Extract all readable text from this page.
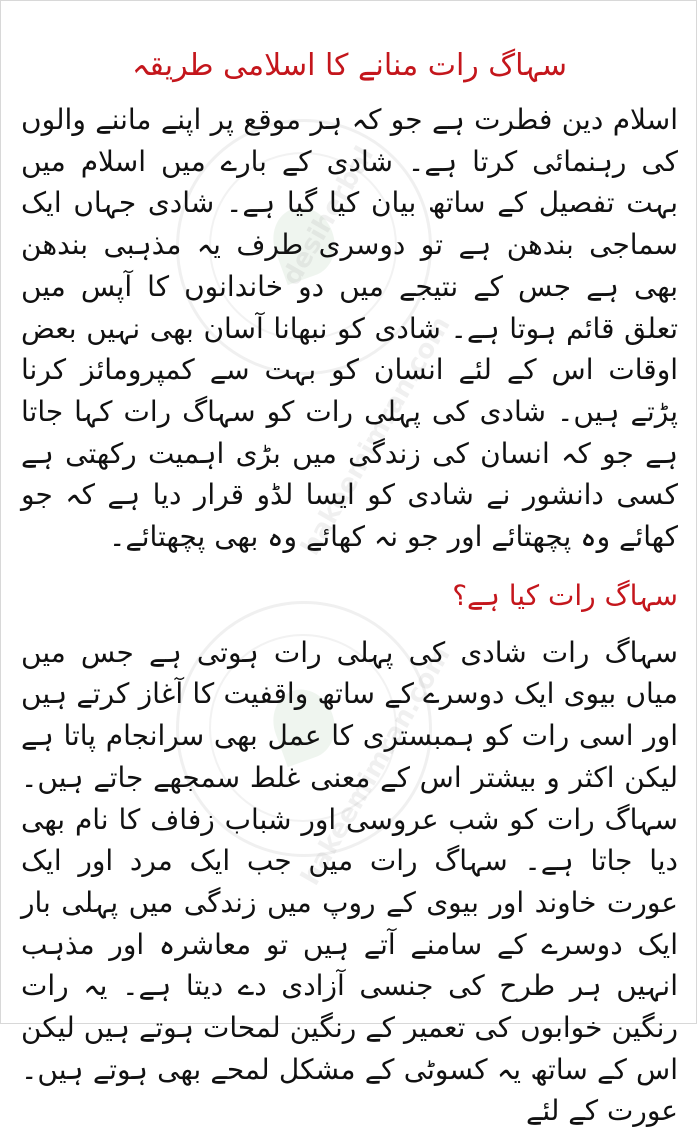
desiherbal
hakeemimran.com
hakeemimran.com
سہاگ رات منانے کا اسلامی طریقہ

اسلام دین فطرت ہے جو کہ ہر موقع پر اپنے ماننے والوں کی رہنمائی کرتا ہے۔ شادی کے بارے میں اسلام میں بہت تفصیل کے ساتھ بیان کیا گیا ہے۔ شادی جہاں ایک سماجی بندھن ہے تو دوسری طرف یہ مذہبی بندھن بھی ہے جس کے نتیجے میں دو خاندانوں کا آپس میں تعلق قائم ہوتا ہے۔ شادی کو نبھانا آسان بھی نہیں بعض اوقات اس کے لئے انسان کو بہت سے کمپرومائز کرنا پڑتے ہیں۔ شادی کی پہلی رات کو سہاگ رات کہا جاتا ہے جو کہ انسان کی زندگی میں بڑی اہمیت رکھتی ہے کسی دانشور نے شادی کو ایسا لڈو قرار دیا ہے کہ جو کھائے وہ پچھتائے اور جو نہ کھائے وہ بھی پچھتائے۔

سہاگ رات کیا ہے؟

سہاگ رات شادی کی پہلی رات ہوتی ہے جس میں میاں بیوی ایک دوسرے کے ساتھ واقفیت کا آغاز کرتے ہیں اور اسی رات کو ہمبستری کا عمل بھی سرانجام پاتا ہے لیکن اکثر و بیشتر اس کے معنی غلط سمجھے جاتے ہیں۔ سہاگ رات کو شب عروسی اور شباب زفاف کا نام بھی دیا جاتا ہے۔ سہاگ رات میں جب ایک مرد اور ایک عورت خاوند اور بیوی کے روپ میں زندگی میں پہلی بار ایک دوسرے کے سامنے آتے ہیں تو معاشرہ اور مذہب انہیں ہر طرح کی جنسی آزادی دے دیتا ہے۔ یہ رات رنگین خوابوں کی تعمیر کے رنگین لمحات ہوتے ہیں لیکن اس کے ساتھ یہ کسوٹی کے مشکل لمحے بھی ہوتے ہیں۔ عورت کے لئے
